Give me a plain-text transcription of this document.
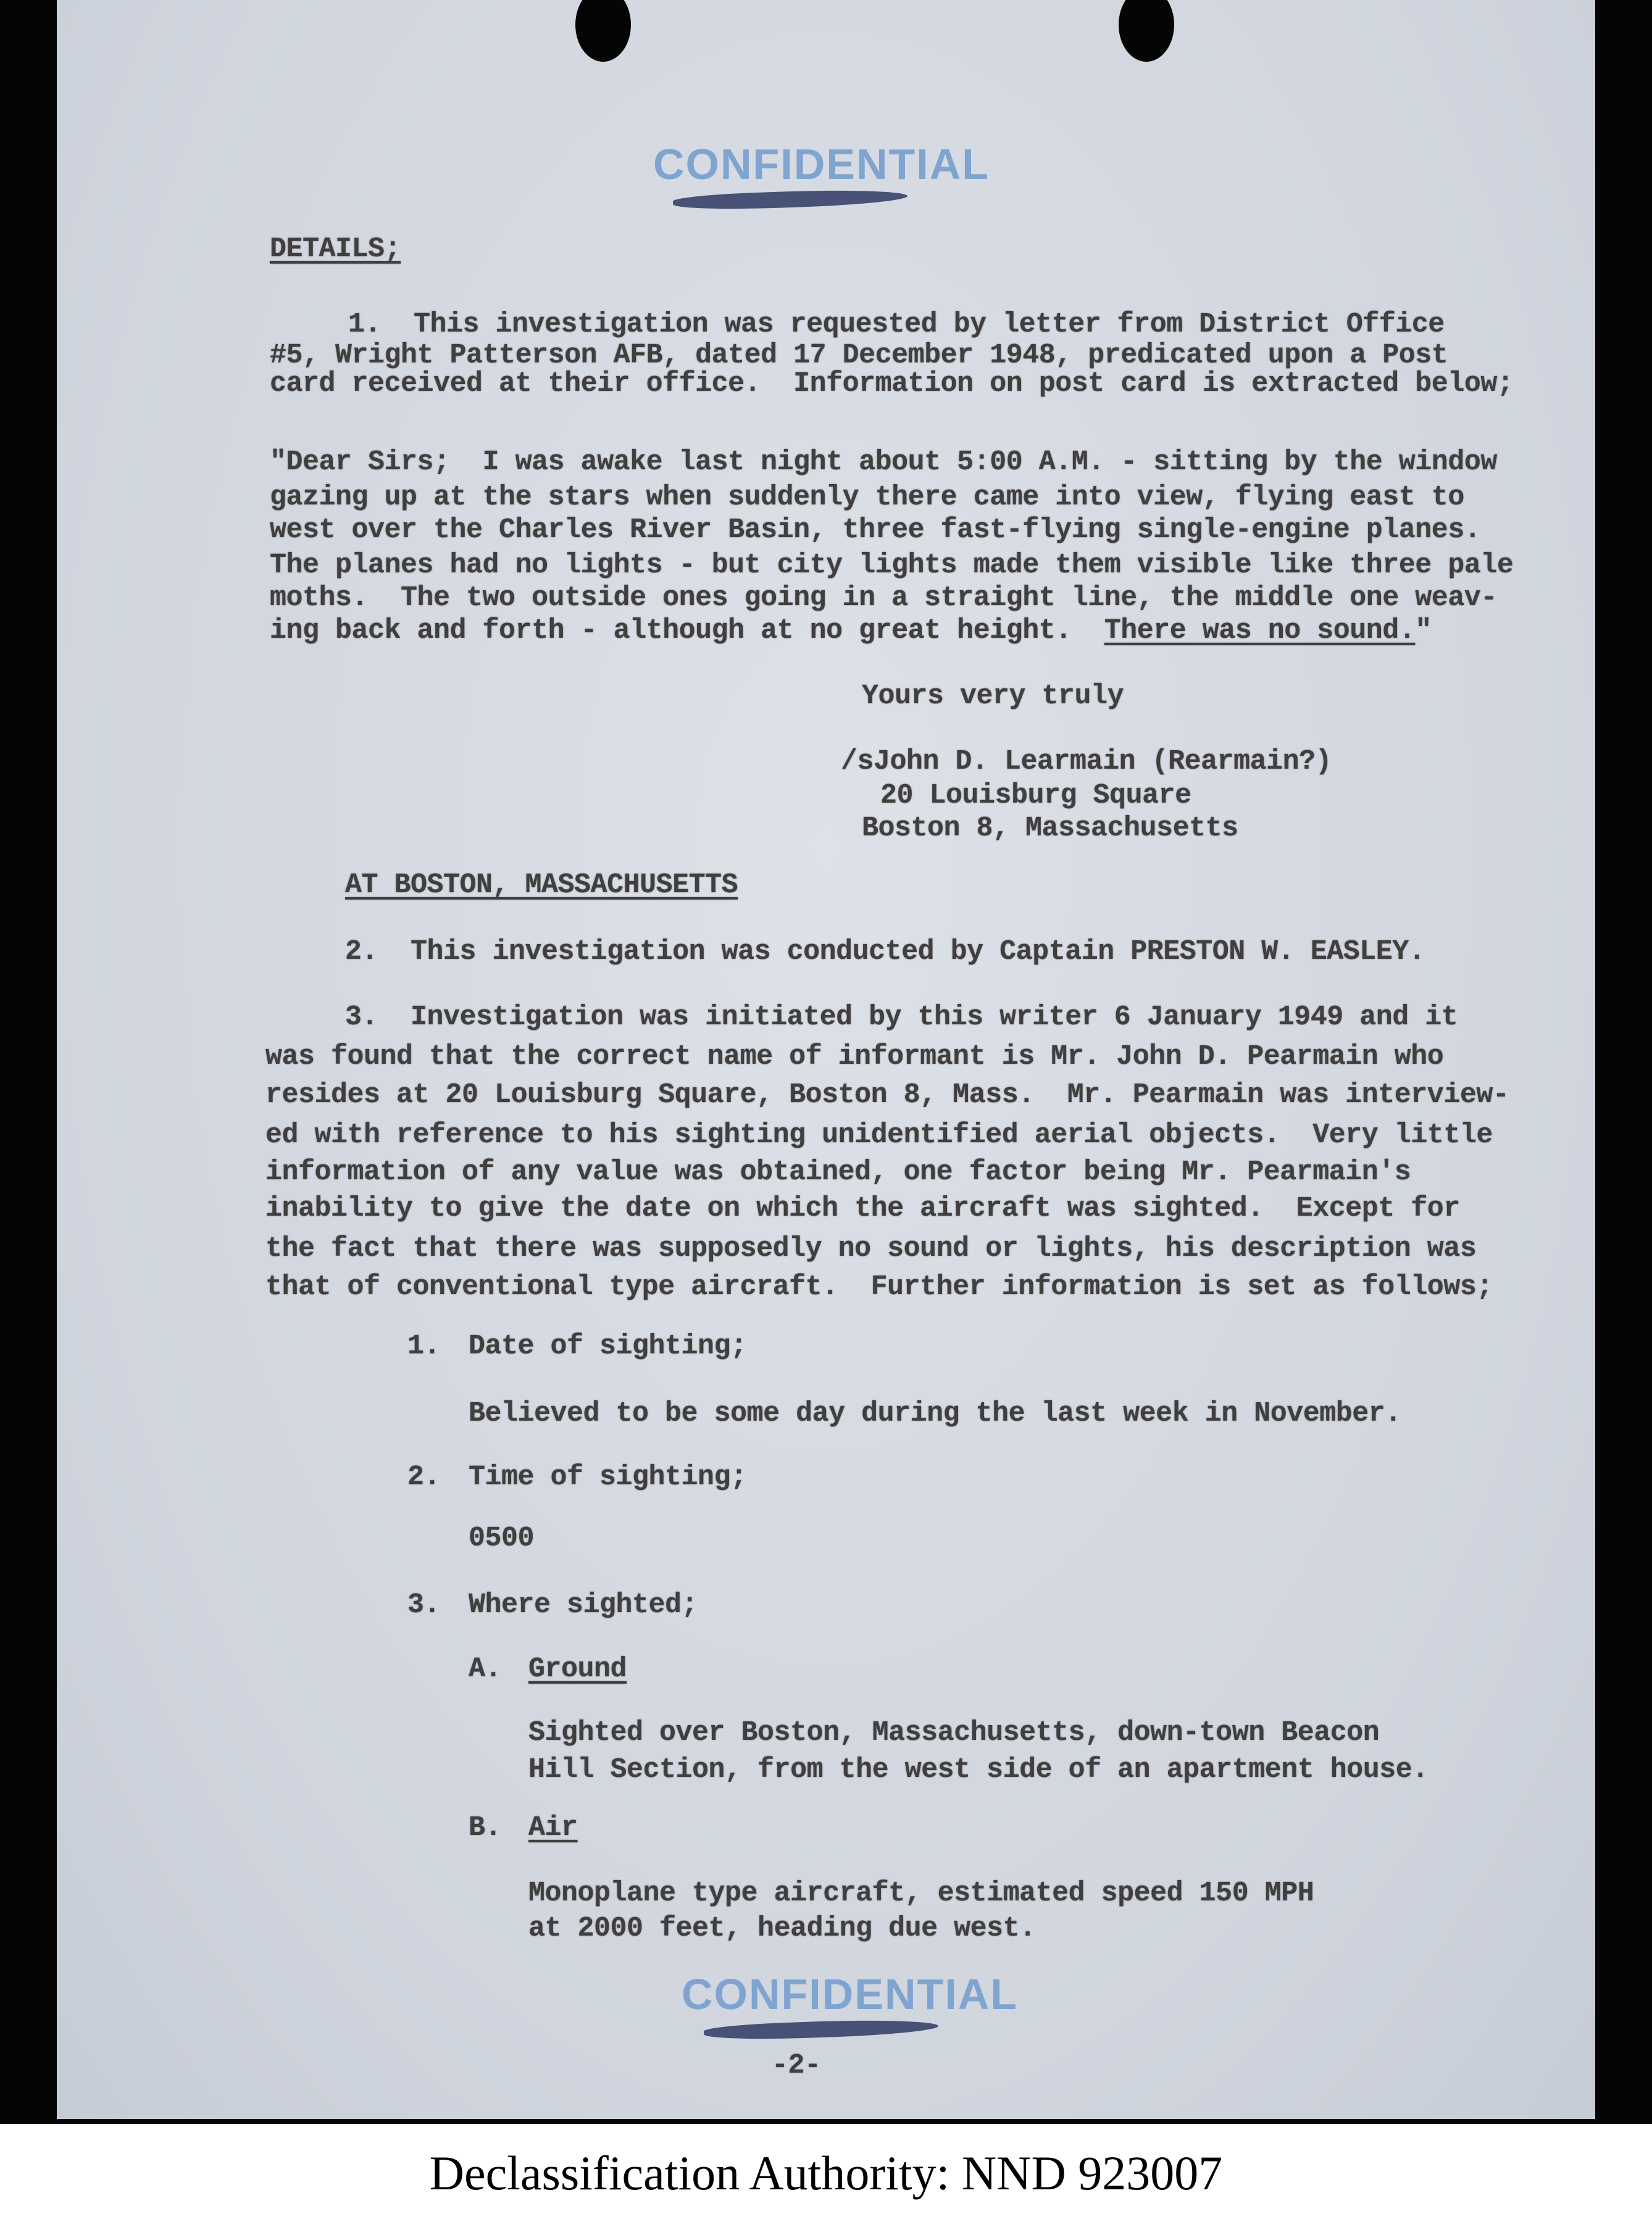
CONFIDENTIAL
DETAILS;
1.  This investigation was requested by letter from District Office
#5, Wright Patterson AFB, dated 17 December 1948, predicated upon a Post
card received at their office.  Information on post card is extracted below;
"Dear Sirs;  I was awake last night about 5:00 A.M. - sitting by the window
gazing up at the stars when suddenly there came into view, flying east to
west over the Charles River Basin, three fast-flying single-engine planes.
The planes had no lights - but city lights made them visible like three pale
moths.  The two outside ones going in a straight line, the middle one weav-
ing back and forth - although at no great height.  There was no sound."
Yours very truly
/sJohn D. Learmain (Rearmain?)
20 Louisburg Square
Boston 8, Massachusetts
AT BOSTON, MASSACHUSETTS
2.  This investigation was conducted by Captain PRESTON W. EASLEY.
3.  Investigation was initiated by this writer 6 January 1949 and it
was found that the correct name of informant is Mr. John D. Pearmain who
resides at 20 Louisburg Square, Boston 8, Mass.  Mr. Pearmain was interview-
ed with reference to his sighting unidentified aerial objects.  Very little
information of any value was obtained, one factor being Mr. Pearmain's
inability to give the date on which the aircraft was sighted.  Except for
the fact that there was supposedly no sound or lights, his description was
that of conventional type aircraft.  Further information is set as follows;
1. Date of sighting;
Believed to be some day during the last week in November.
2. Time of sighting;
0500
3. Where sighted;
A. Ground
Sighted over Boston, Massachusetts, down-town Beacon
Hill Section, from the west side of an apartment house.
B. Air
Monoplane type aircraft, estimated speed 150 MPH
at 2000 feet, heading due west.
CONFIDENTIAL
-2-
Declassification Authority: NND 923007
